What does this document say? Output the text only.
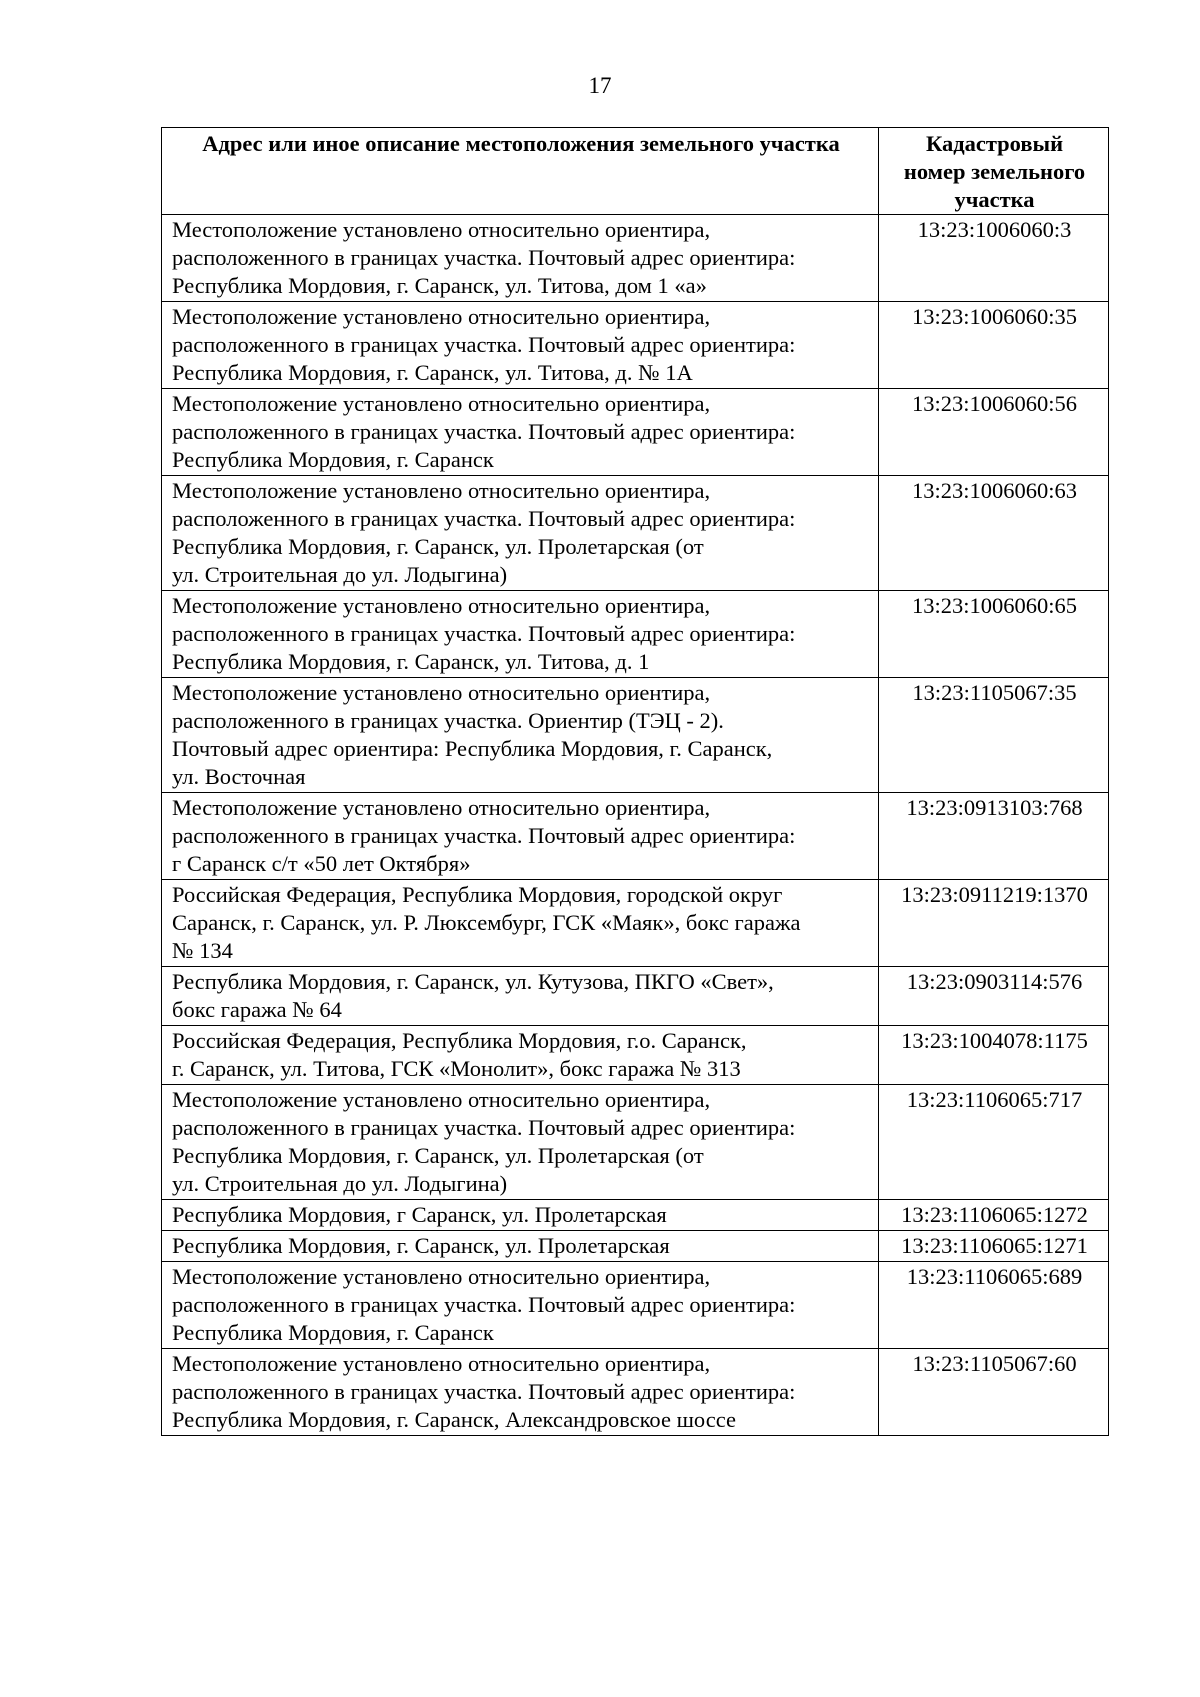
17
Адрес или иное описание местоположения земельного участка	Кадастровый
номер земельного
участка

Местоположение установлено относительно ориентира,
расположенного в границах участка. Почтовый адрес ориентира:
Республика Мордовия, г. Саранск, ул. Титова, дом 1 «а»	13:23:1006060:3

Местоположение установлено относительно ориентира,
расположенного в границах участка. Почтовый адрес ориентира:
Республика Мордовия, г. Саранск, ул. Титова, д. № 1А	13:23:1006060:35

Местоположение установлено относительно ориентира,
расположенного в границах участка. Почтовый адрес ориентира:
Республика Мордовия, г. Саранск	13:23:1006060:56

Местоположение установлено относительно ориентира,
расположенного в границах участка. Почтовый адрес ориентира:
Республика Мордовия, г. Саранск, ул. Пролетарская (от
ул. Строительная до ул. Лодыгина)	13:23:1006060:63

Местоположение установлено относительно ориентира,
расположенного в границах участка. Почтовый адрес ориентира:
Республика Мордовия, г. Саранск, ул. Титова, д. 1	13:23:1006060:65

Местоположение установлено относительно ориентира,
расположенного в границах участка. Ориентир (ТЭЦ - 2).
Почтовый адрес ориентира: Республика Мордовия, г. Саранск,
ул. Восточная	13:23:1105067:35

Местоположение установлено относительно ориентира,
расположенного в границах участка. Почтовый адрес ориентира:
г Саранск с/т «50 лет Октября»	13:23:0913103:768

Российская Федерация, Республика Мордовия, городской округ
Саранск, г. Саранск, ул. Р. Люксембург, ГСК «Маяк», бокс гаража
№ 134	13:23:0911219:1370

Республика Мордовия, г. Саранск, ул. Кутузова, ПКГО «Свет»,
бокс гаража № 64	13:23:0903114:576

Российская Федерация, Республика Мордовия, г.о. Саранск,
г. Саранск, ул. Титова, ГСК «Монолит», бокс гаража № 313	13:23:1004078:1175

Местоположение установлено относительно ориентира,
расположенного в границах участка. Почтовый адрес ориентира:
Республика Мордовия, г. Саранск, ул. Пролетарская (от
ул. Строительная до ул. Лодыгина)	13:23:1106065:717

Республика Мордовия, г Саранск, ул. Пролетарская	13:23:1106065:1272

Республика Мордовия, г. Саранск, ул. Пролетарская	13:23:1106065:1271

Местоположение установлено относительно ориентира,
расположенного в границах участка. Почтовый адрес ориентира:
Республика Мордовия, г. Саранск	13:23:1106065:689

Местоположение установлено относительно ориентира,
расположенного в границах участка. Почтовый адрес ориентира:
Республика Мордовия, г. Саранск, Александровское шоссе	13:23:1105067:60
